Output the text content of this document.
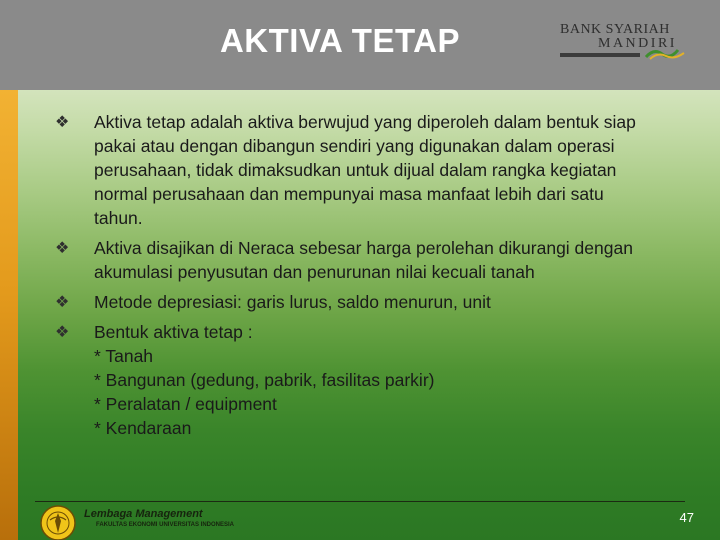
AKTIVA TETAP	BANK SYARIAH
MANDIRI
❖	Aktiva tetap adalah aktiva berwujud yang diperoleh dalam bentuk siap
pakai atau dengan dibangun sendiri yang digunakan dalam operasi
perusahaan, tidak dimaksudkan untuk dijual dalam rangka kegiatan
normal perusahaan dan mempunyai masa manfaat lebih dari satu
tahun.
❖	Aktiva disajikan di Neraca sebesar harga perolehan dikurangi dengan
akumulasi penyusutan dan penurunan nilai kecuali tanah
❖	Metode depresiasi: garis lurus, saldo menurun, unit
❖	Bentuk aktiva tetap :
* Tanah
* Bangunan (gedung, pabrik, fasilitas parkir)
* Peralatan / equipment
* Kendaraan
Lembaga Management
FAKULTAS EKONOMI UNIVERSITAS INDONESIA	47
